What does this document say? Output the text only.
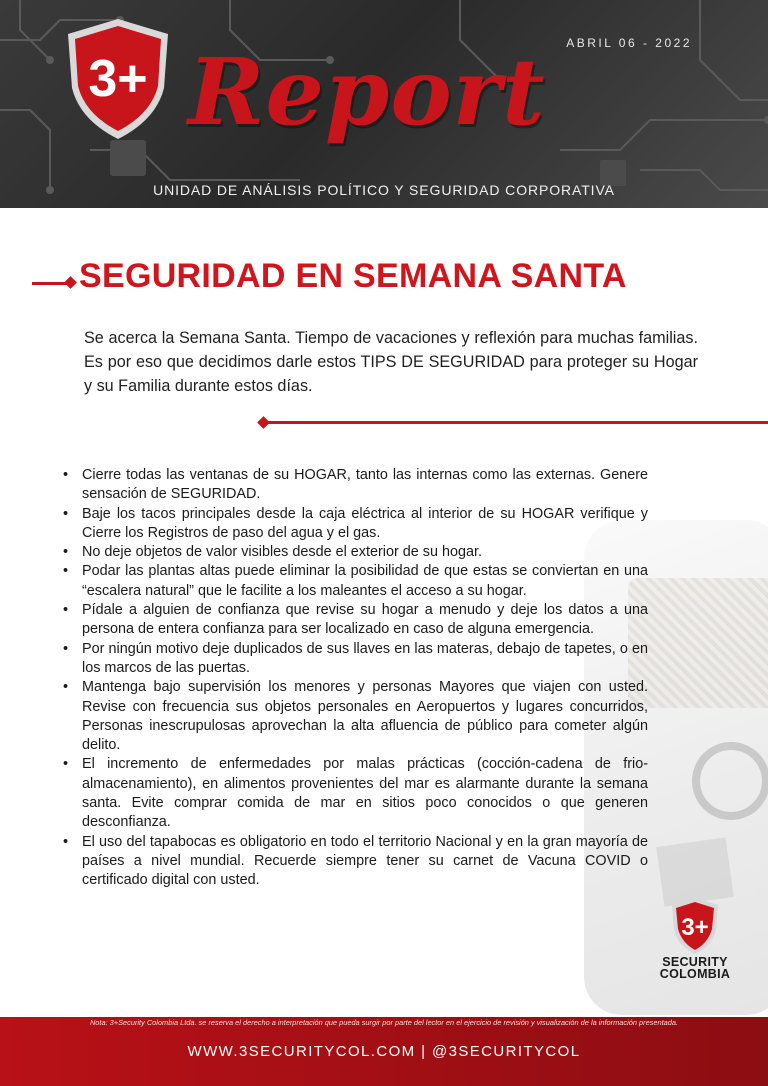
ABRIL 06 - 2022
3+ Report
UNIDAD DE ANÁLISIS POLÍTICO Y SEGURIDAD CORPORATIVA
SEGURIDAD EN SEMANA SANTA

Se acerca la Semana Santa. Tiempo de vacaciones y reflexión para muchas familias. Es por eso que decidimos darle estos TIPS DE SEGURIDAD para proteger su Hogar y su Familia durante estos días.

• Cierre todas las ventanas de su HOGAR, tanto las internas como las externas. Genere sensación de SEGURIDAD.
• Baje los tacos principales desde la caja eléctrica al interior de su HOGAR verifique y Cierre los Registros de paso del agua y el gas.
• No deje objetos de valor visibles desde el exterior de su hogar.
• Podar las plantas altas puede eliminar la posibilidad de que estas se conviertan en una “escalera natural” que le facilite a los maleantes el acceso a su hogar.
• Pídale a alguien de confianza que revise su hogar a menudo y deje los datos a una persona de entera confianza para ser localizado en caso de alguna emergencia.
• Por ningún motivo deje duplicados de sus llaves en las materas, debajo de tapetes, o en los marcos de las puertas.
• Mantenga bajo supervisión los menores y personas Mayores que viajen con usted. Revise con frecuencia sus objetos personales en Aeropuertos y lugares concurridos, Personas inescrupulosas aprovechan la alta afluencia de público para cometer algún delito.
• El incremento de enfermedades por malas prácticas (cocción-cadena de frio-almacenamiento), en alimentos provenientes del mar es alarmante durante la semana santa. Evite comprar comida de mar en sitios poco conocidos o que generen desconfianza.
• El uso del tapabocas es obligatorio en todo el territorio Nacional y en la gran mayoría de países a nivel mundial. Recuerde siempre tener su carnet de Vacuna COVID o certificado digital con usted.
3+
SECURITY
COLOMBIA
Nota: 3+Security Colombia Ltda. se reserva el derecho a interpretación que pueda surgir por parte del lector en el ejercicio de revisión y visualización de la información presentada.
WWW.3SECURITYCOL.COM | @3SECURITYCOL
